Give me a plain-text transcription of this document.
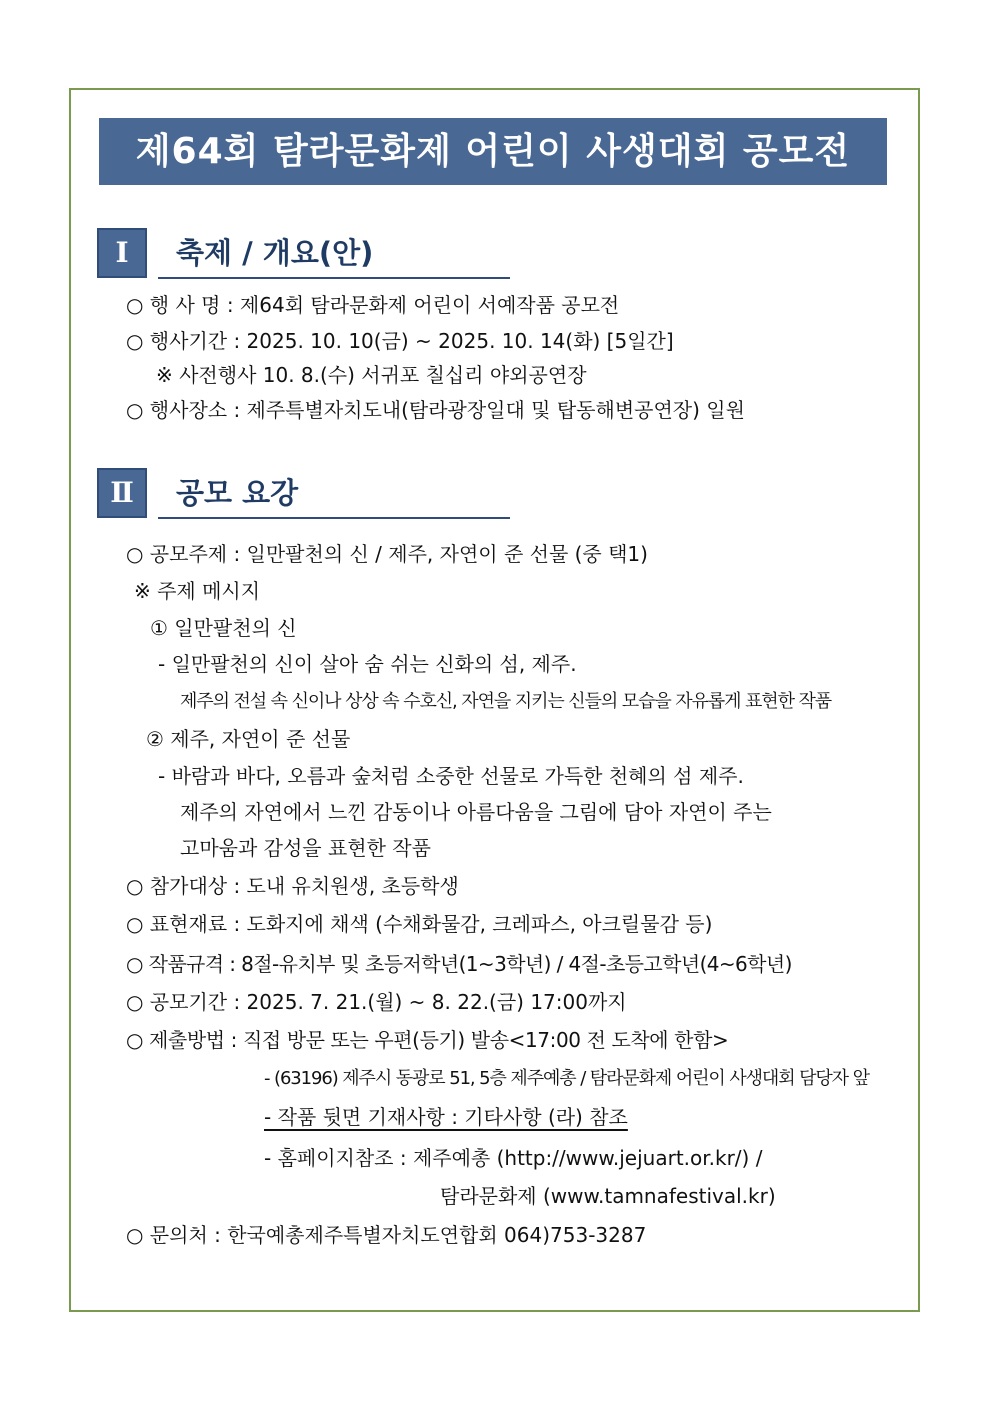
제64회 탐라문화제 어린이 사생대회 공모전
Ⅰ	축제 / 개요(안)
○ 행 사 명 : 제64회 탐라문화제 어린이 서예작품 공모전
○ 행사기간 : 2025. 10. 10(금) ~ 2025. 10. 14(화) [5일간]
※ 사전행사 10. 8.(수) 서귀포 칠십리 야외공연장
○ 행사장소 : 제주특별자치도내(탐라광장일대 및 탑동해변공연장) 일원
Ⅱ	공모 요강
○ 공모주제 : 일만팔천의 신 / 제주, 자연이 준 선물 (중 택1)
※ 주제 메시지
① 일만팔천의 신
- 일만팔천의 신이 살아 숨 쉬는 신화의 섬, 제주.
제주의 전설 속 신이나 상상 속 수호신, 자연을 지키는 신들의 모습을 자유롭게 표현한 작품
② 제주, 자연이 준 선물
- 바람과 바다, 오름과 숲처럼 소중한 선물로 가득한 천혜의 섬 제주.
제주의 자연에서 느낀 감동이나 아름다움을 그림에 담아 자연이 주는
고마움과 감성을 표현한 작품
○ 참가대상 : 도내 유치원생, 초등학생
○ 표현재료 : 도화지에 채색 (수채화물감, 크레파스, 아크릴물감 등)
○ 작품규격 : 8절-유치부 및 초등저학년(1~3학년) / 4절-초등고학년(4~6학년)
○ 공모기간 : 2025. 7. 21.(월) ~ 8. 22.(금) 17:00까지
○ 제출방법 : 직접 방문 또는 우편(등기) 발송<17:00 전 도착에 한함>
- (63196) 제주시 동광로 51, 5층 제주예총 / 탐라문화제 어린이 사생대회 담당자 앞
- 작품 뒷면 기재사항 : 기타사항 (라) 참조
- 홈페이지참조 : 제주예총 (http://www.jejuart.or.kr/) /
탐라문화제 (www.tamnafestival.kr)
○ 문의처 : 한국예총제주특별자치도연합회 064)753-3287
